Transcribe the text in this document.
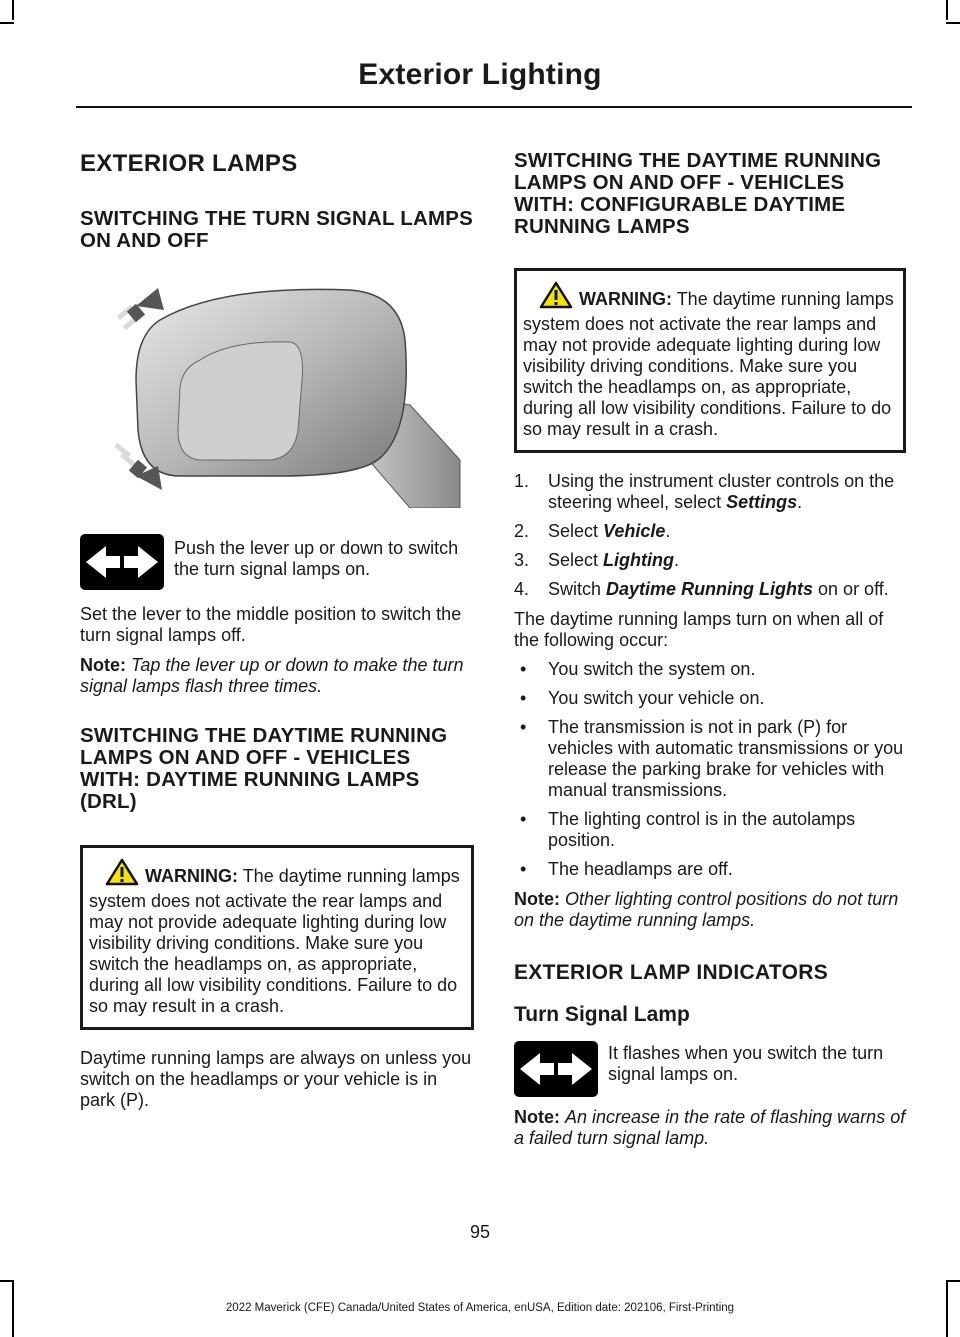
Exterior Lighting
EXTERIOR LAMPS
SWITCHING THE TURN SIGNAL LAMPS ON AND OFF

Push the lever up or down to switch the turn signal lamps on.

Set the lever to the middle position to switch the turn signal lamps off.

Note: Tap the lever up or down to make the turn signal lamps flash three times.

SWITCHING THE DAYTIME RUNNING LAMPS ON AND OFF - VEHICLES WITH: DAYTIME RUNNING LAMPS (DRL)
WARNING: The daytime running lamps system does not activate the rear lamps and may not provide adequate lighting during low visibility driving conditions. Make sure you switch the headlamps on, as appropriate, during all low visibility conditions. Failure to do so may result in a crash.

Daytime running lamps are always on unless you switch on the headlamps or your vehicle is in park (P).

SWITCHING THE DAYTIME RUNNING LAMPS ON AND OFF - VEHICLES WITH: CONFIGURABLE DAYTIME RUNNING LAMPS
WARNING: The daytime running lamps system does not activate the rear lamps and may not provide adequate lighting during low visibility driving conditions. Make sure you switch the headlamps on, as appropriate, during all low visibility conditions. Failure to do so may result in a crash.
1. Using the instrument cluster controls on the steering wheel, select Settings.
2. Select Vehicle.
3. Select Lighting.
4. Switch Daytime Running Lights on or off.

The daytime running lamps turn on when all of the following occur:

• You switch the system on.
• You switch your vehicle on.
• The transmission is not in park (P) for vehicles with automatic transmissions or you release the parking brake for vehicles with manual transmissions.
• The lighting control is in the autolamps position.
• The headlamps are off.

Note: Other lighting control positions do not turn on the daytime running lamps.

EXTERIOR LAMP INDICATORS
Turn Signal Lamp

It flashes when you switch the turn signal lamps on.

Note: An increase in the rate of flashing warns of a failed turn signal lamp.

95
2022 Maverick (CFE) Canada/United States of America, enUSA, Edition date: 202106, First-Printing
